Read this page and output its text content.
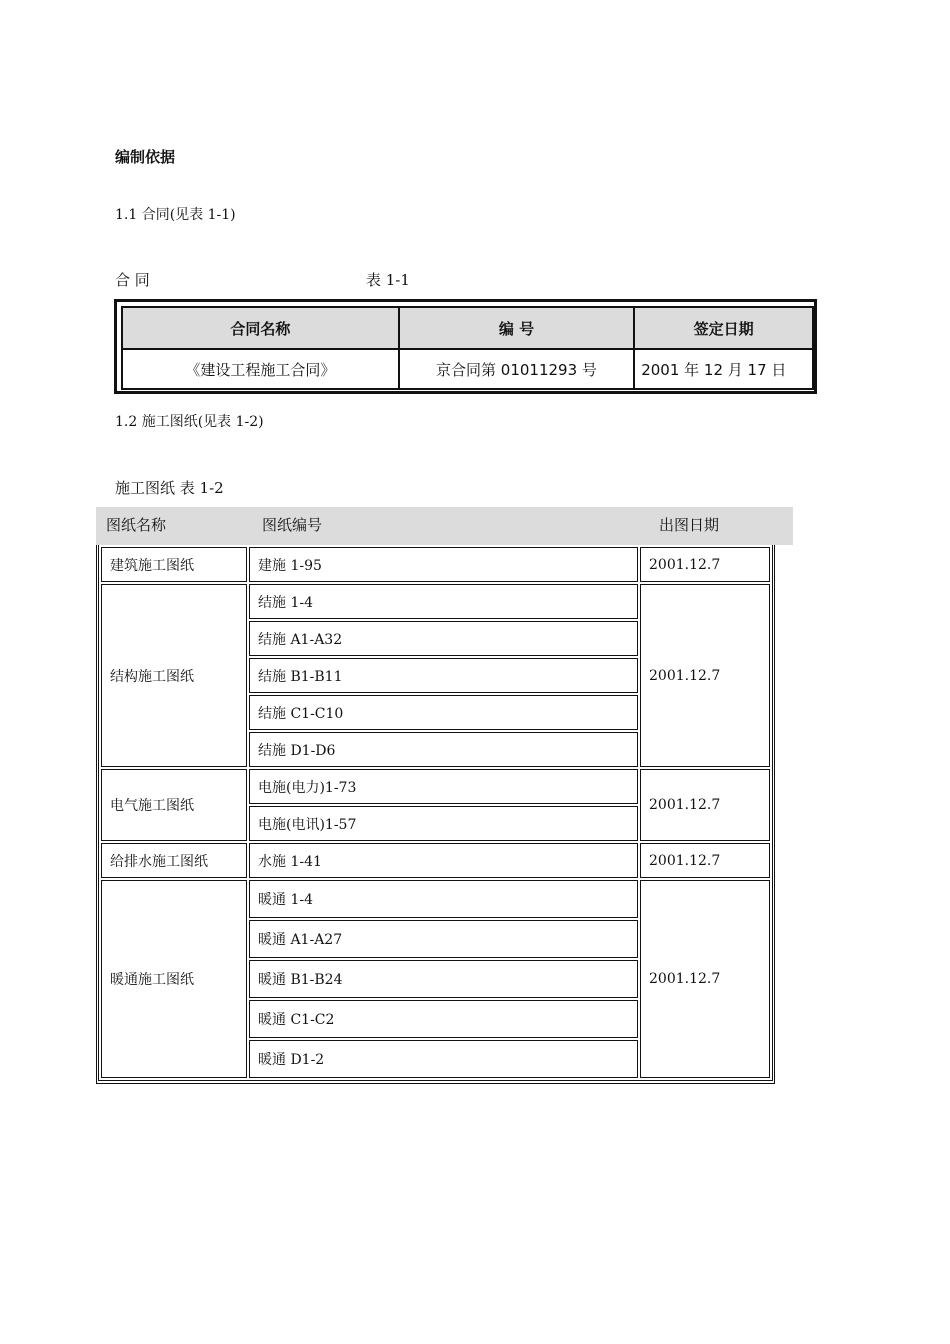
编制依据
1.1 合同(见表 1-1)
合 同	表 1-1
合同名称	编 号	签定日期
《建设工程施工合同》	京合同第 01011293 号	2001 年 12 月 17 日
1.2 施工图纸(见表 1-2)
施工图纸 表 1-2
图纸名称	图纸编号	出图日期
建筑施工图纸	建施 1-95	2001.12.7
结构施工图纸	结施 1-4	2001.12.7
	结施 A1-A32	
	结施 B1-B11	
	结施 C1-C10	
	结施 D1-D6	
电气施工图纸	电施(电力)1-73	2001.12.7
	电施(电讯)1-57	
给排水施工图纸	水施 1-41	2001.12.7
暖通施工图纸	暖通 1-4	2001.12.7
	暖通 A1-A27	
	暖通 B1-B24	
	暖通 C1-C2	
	暖通 D1-2	
